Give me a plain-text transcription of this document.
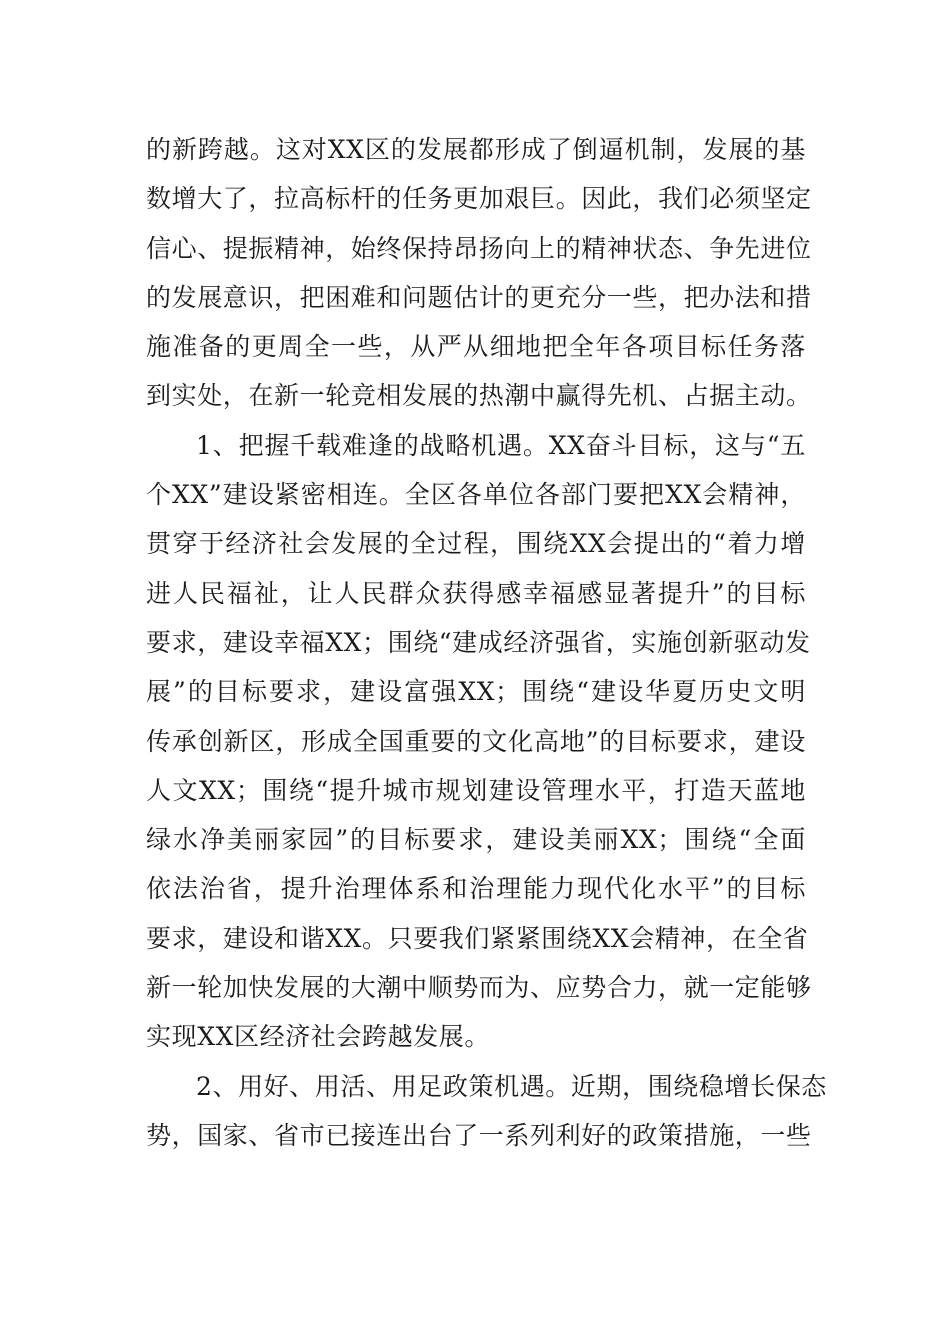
的新跨越。这对XX区的发展都形成了倒逼机制，发展的基
数增大了，拉高标杆的任务更加艰巨。因此，我们必须坚定
信心、提振精神，始终保持昂扬向上的精神状态、争先进位
的发展意识，把困难和问题估计的更充分一些，把办法和措
施准备的更周全一些，从严从细地把全年各项目标任务落
到实处，在新一轮竞相发展的热潮中赢得先机、占据主动。
1、把握千载难逢的战略机遇。XX奋斗目标，这与“五
个XX”建设紧密相连。全区各单位各部门要把XX会精神，
贯穿于经济社会发展的全过程，围绕XX会提出的“着力增
进人民福祉，让人民群众获得感幸福感显著提升”的目标
要求，建设幸福XX；围绕“建成经济强省，实施创新驱动发
展”的目标要求，建设富强XX；围绕“建设华夏历史文明
传承创新区，形成全国重要的文化高地”的目标要求，建设
人文XX；围绕“提升城市规划建设管理水平，打造天蓝地
绿水净美丽家园”的目标要求，建设美丽XX；围绕“全面
依法治省，提升治理体系和治理能力现代化水平”的目标
要求，建设和谐XX。只要我们紧紧围绕XX会精神，在全省
新一轮加快发展的大潮中顺势而为、应势合力，就一定能够
实现XX区经济社会跨越发展。
2、用好、用活、用足政策机遇。近期，围绕稳增长保态
势，国家、省市已接连出台了一系列利好的政策措施，一些
